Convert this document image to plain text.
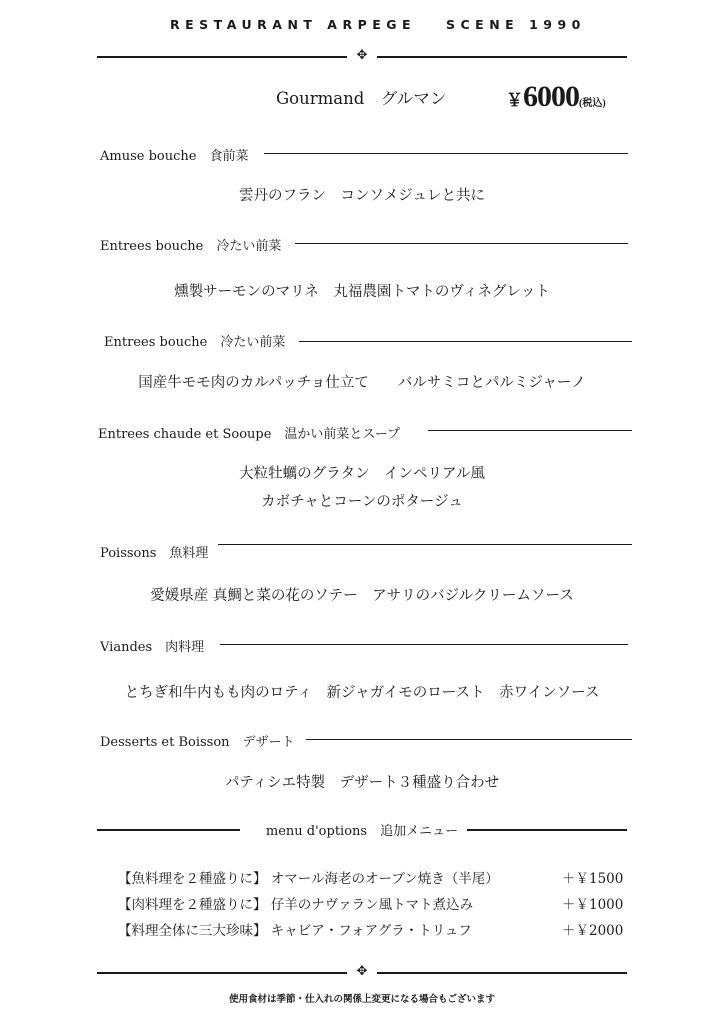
RESTAURANT ARPEGE SCENE 1990
✥
Gourmand　グルマン	￥6000(税込)
Amuse bouche　食前菜
雲丹のフラン　コンソメジュレと共に
Entrees bouche　冷たい前菜
燻製サーモンのマリネ　丸福農園トマトのヴィネグレット
Entrees bouche　冷たい前菜
国産牛モモ肉のカルパッチョ仕立て　　バルサミコとパルミジャーノ
Entrees chaude et Sooupe　温かい前菜とスープ
大粒牡蠣のグラタン　インペリアル風
カボチャとコーンのポタージュ
Poissons　魚料理
愛媛県産 真鯛と菜の花のソテー　アサリのバジルクリームソース
Viandes　肉料理
とちぎ和牛内もも肉のロティ　新ジャガイモのロースト　赤ワインソース
Desserts et Boisson　デザート
パティシエ特製　デザート３種盛り合わせ
menu d'options　追加メニュー
【魚料理を２種盛りに】 オマール海老のオーブン焼き（半尾）	＋￥1500
【肉料理を２種盛りに】 仔羊のナヴァラン風トマト煮込み	＋￥1000
【料理全体に三大珍味】 キャビア・フォアグラ・トリュフ	＋￥2000
✥
使用食材は季節・仕入れの関係上変更になる場合もございます
